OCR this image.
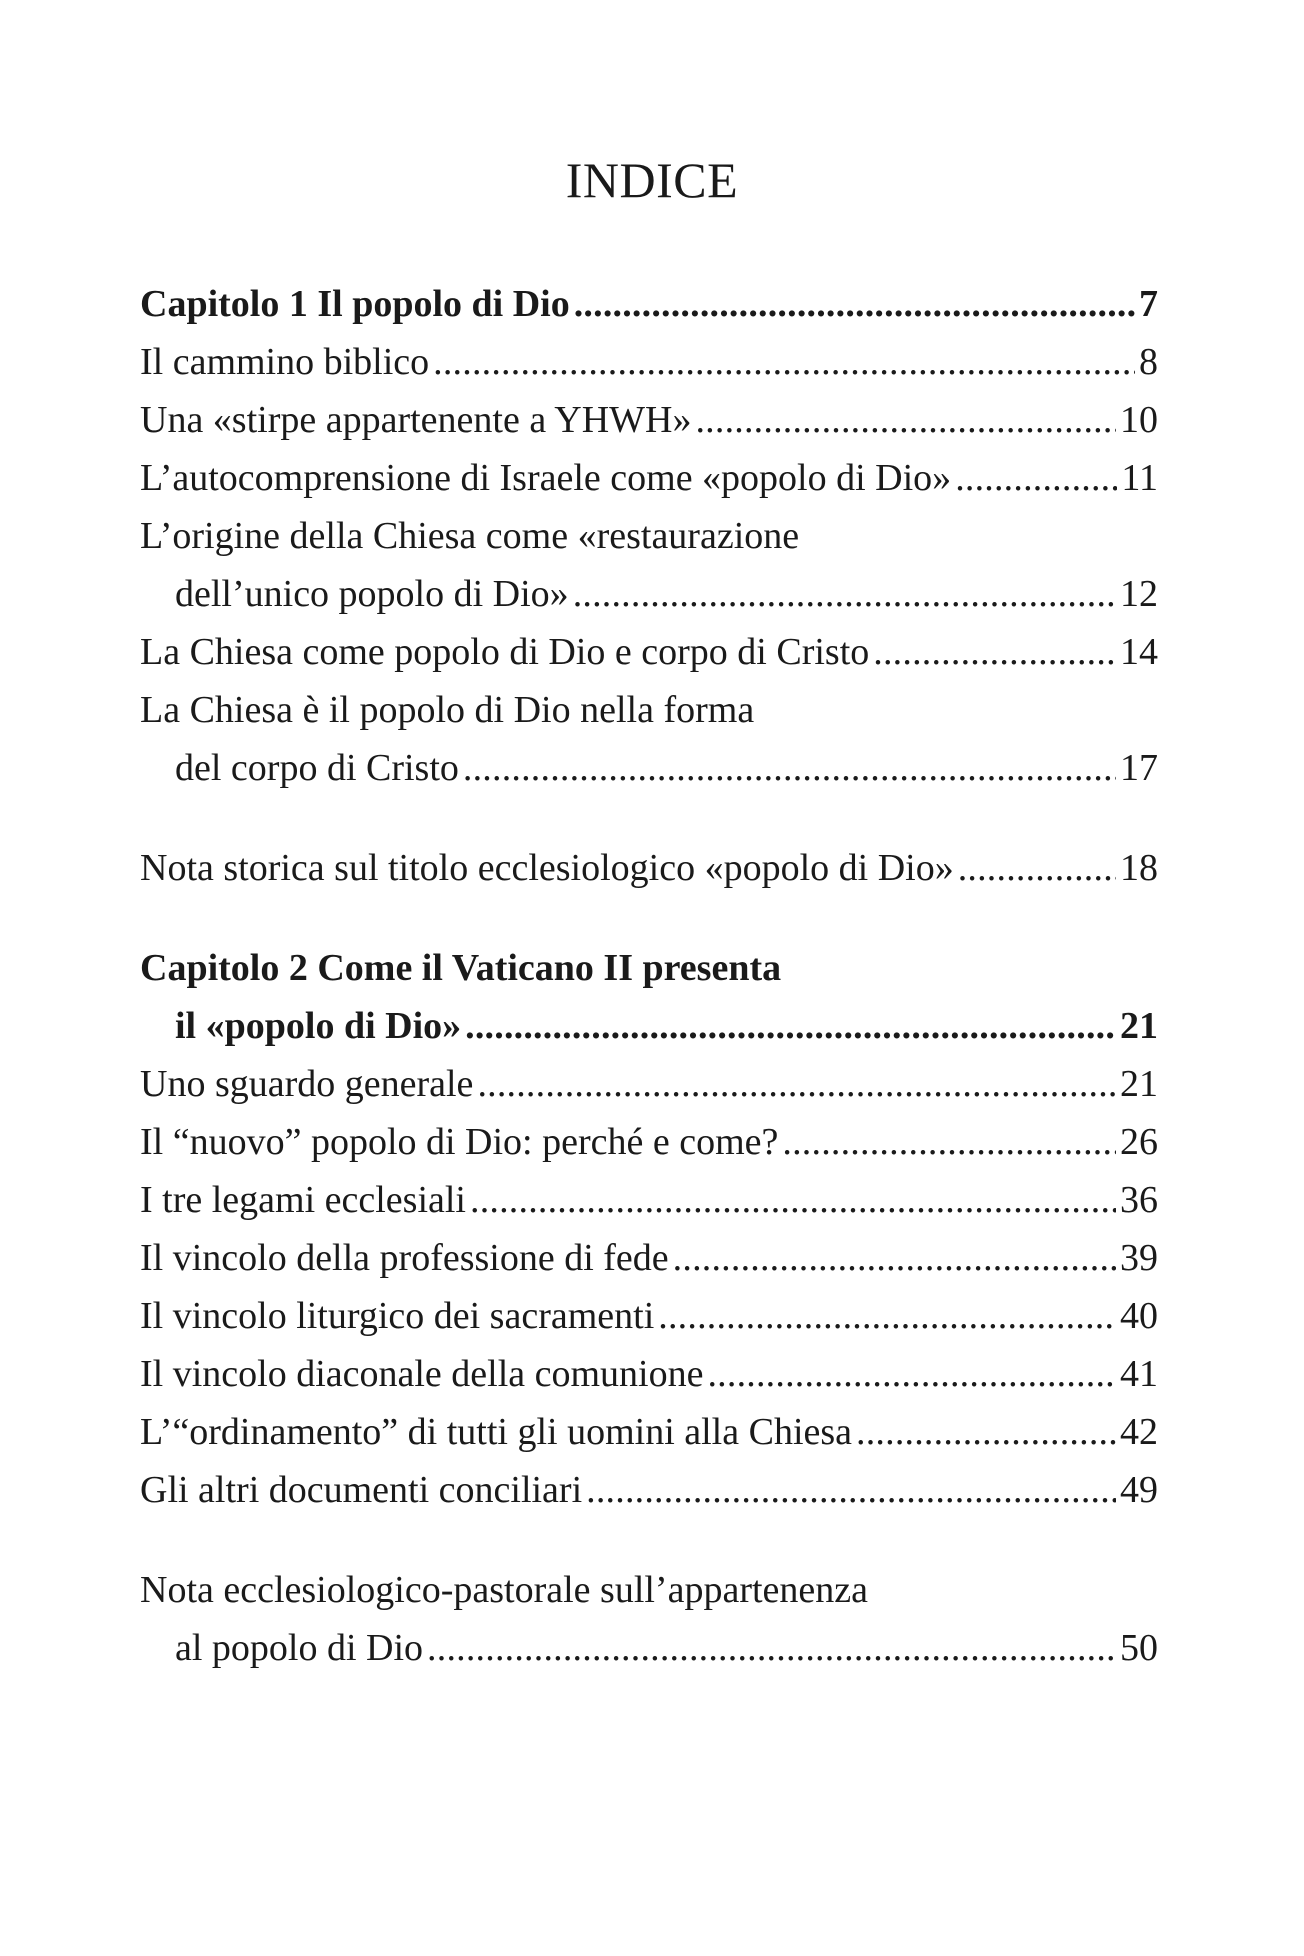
INDICE
Capitolo 1 Il popolo di Dio .....	7
Il cammino biblico .....	8
Una «stirpe appartenente a YHWH» .....	10
L’autocomprensione di Israele come «popolo di Dio» .....	11
L’origine della Chiesa come «restaurazione
dell’unico popolo di Dio» .....	12
La Chiesa come popolo di Dio e corpo di Cristo .....	14
La Chiesa è il popolo di Dio nella forma
del corpo di Cristo .....	17
Nota storica sul titolo ecclesiologico «popolo di Dio» .....	18
Capitolo 2 Come il Vaticano II presenta
il «popolo di Dio» .....	21
Uno sguardo generale .....	21
Il “nuovo” popolo di Dio: perché e come? .....	26
I tre legami ecclesiali .....	36
Il vincolo della professione di fede .....	39
Il vincolo liturgico dei sacramenti .....	40
Il vincolo diaconale della comunione .....	41
L’“ordinamento” di tutti gli uomini alla Chiesa .....	42
Gli altri documenti conciliari .....	49
Nota ecclesiologico-pastorale sull’appartenenza
al popolo di Dio .....	50
